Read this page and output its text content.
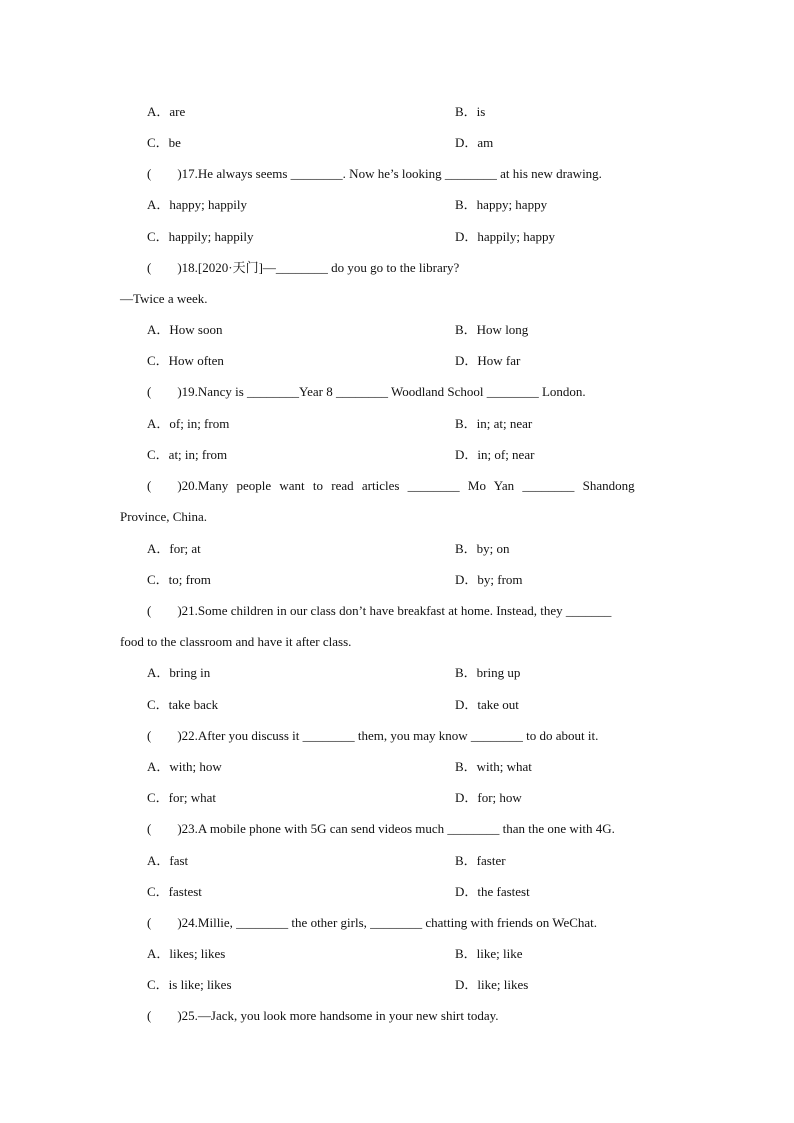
A．are	B．is
C．be	D．am
(　　)17.He always seems ________. Now he’s looking ________ at his new drawing.
A．happy; happily	B．happy; happy
C．happily; happily	D．happily; happy
(　　)18.[2020·天门]—________ do you go to the library?
—Twice a week.
A．How soon	B．How long
C．How often	D．How far
(　　)19.Nancy is ________Year 8 ________ Woodland School ________ London.
A．of; in; from	B．in; at; near
C．at; in; from	D．in; of; near
(　　)20.Many people want to read articles ________ Mo Yan ________ Shandong
Province, China.
A．for; at	B．by; on
C．to; from	D．by; from
(　　)21.Some children in our class don’t have breakfast at home. Instead, they _______
food to the classroom and have it after class.
A．bring in	B．bring up
C．take back	D．take out
(　　)22.After you discuss it ________ them, you may know ________ to do about it.
A．with; how	B．with; what
C．for; what	D．for; how
(　　)23.A mobile phone with 5G can send videos much ________ than the one with 4G.
A．fast	B．faster
C．fastest	D．the fastest
(　　)24.Millie, ________ the other girls, ________ chatting with friends on WeChat.
A．likes; likes	B．like; like
C．is like; likes	D．like; likes
(　　)25.—Jack, you look more handsome in your new shirt today.
